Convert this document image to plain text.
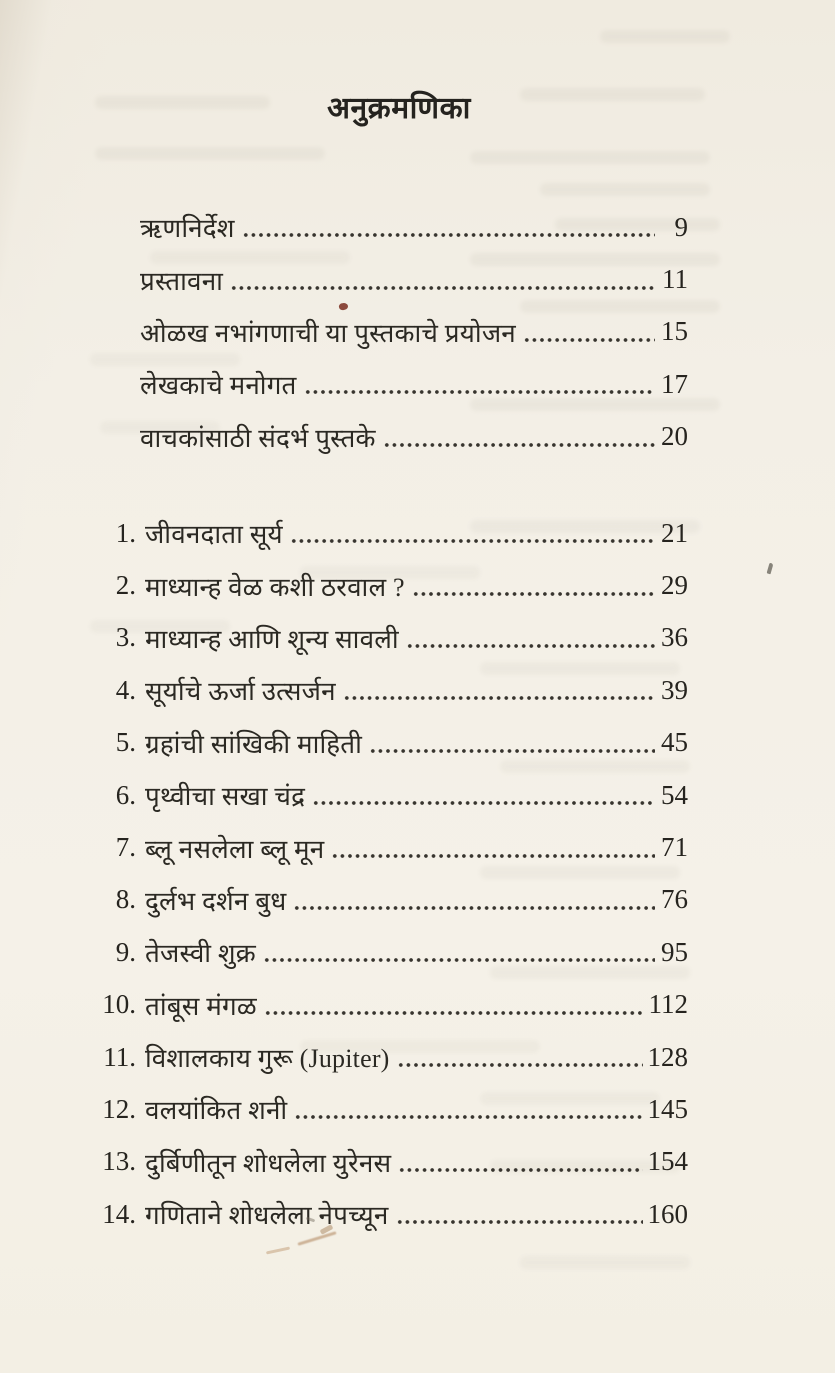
अनुक्रमणिका
ऋणनिर्देश	9
प्रस्तावना	11
ओळख नभांगणाची या पुस्तकाचे प्रयोजन	15
लेखकाचे मनोगत	17
वाचकांसाठी संदर्भ पुस्तके	20
1. जीवनदाता सूर्य	21
2. माध्यान्ह वेळ कशी ठरवाल ?	29
3. माध्यान्ह आणि शून्य सावली	36
4. सूर्याचे ऊर्जा उत्सर्जन	39
5. ग्रहांची सांखिकी माहिती	45
6. पृथ्वीचा सखा चंद्र	54
7. ब्लू नसलेला ब्लू मून	71
8. दुर्लभ दर्शन बुध	76
9. तेजस्वी शुक्र	95
10. तांबूस मंगळ	112
11. विशालकाय गुरू (Jupiter)	128
12. वलयांकित शनी	145
13. दुर्बिणीतून शोधलेला युरेनस	154
14. गणिताने शोधलेला नेपच्यून	160
